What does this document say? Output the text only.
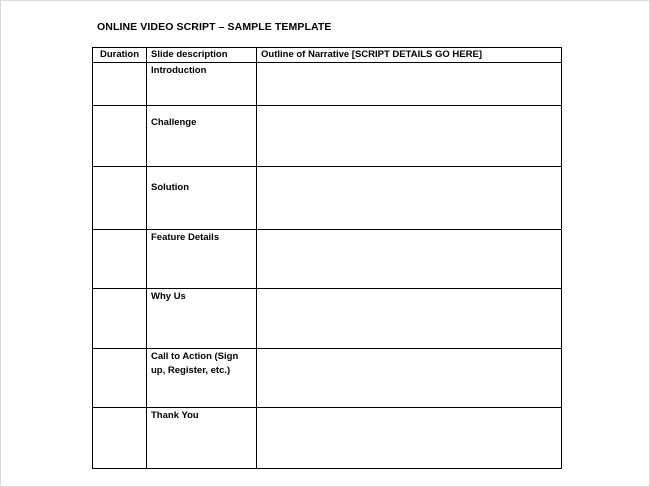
ONLINE VIDEO SCRIPT – SAMPLE TEMPLATE
Duration	Slide description	Outline of Narrative [SCRIPT DETAILS GO HERE]

	Introduction	

	Challenge	

	Solution	

	Feature Details	

	Why Us	

	Call to Action (Sign up, Register, etc.)	

	Thank You	
